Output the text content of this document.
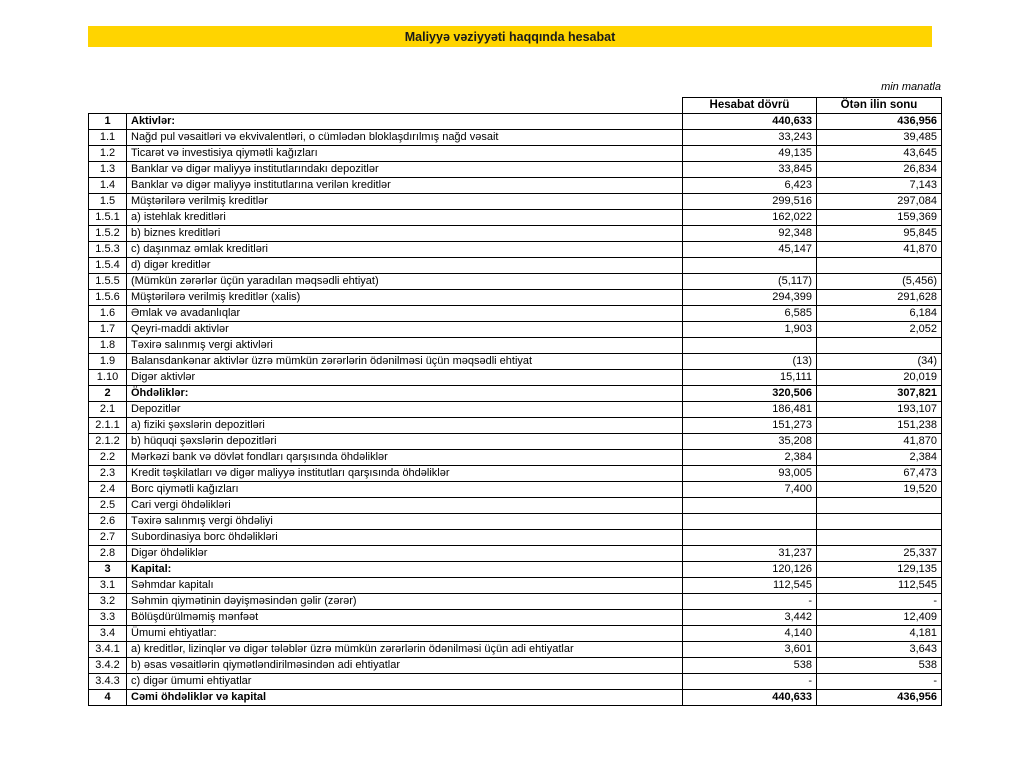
Maliyyə vəziyyəti haqqında hesabat
min manatla
		Hesabat dövrü	Ötən ilin sonu
1	Aktivlər:	440,633	436,956
1.1	Nağd pul vəsaitləri və ekvivalentləri, o cümlədən bloklaşdırılmış nağd vəsait	33,243	39,485
1.2	Ticarət və investisiya qiymətli kağızları	49,135	43,645
1.3	Banklar və digər maliyyə institutlarındakı depozitlər	33,845	26,834
1.4	Banklar və digər maliyyə institutlarına verilən kreditlər	6,423	7,143
1.5	Müştərilərə verilmiş kreditlər	299,516	297,084
1.5.1	a) istehlak kreditləri	162,022	159,369
1.5.2	b) biznes kreditləri	92,348	95,845
1.5.3	c) daşınmaz əmlak kreditləri	45,147	41,870
1.5.4	d) digər kreditlər		
1.5.5	(Mümkün zərərlər üçün yaradılan məqsədli ehtiyat)	(5,117)	(5,456)
1.5.6	Müştərilərə verilmiş kreditlər (xalis)	294,399	291,628
1.6	Əmlak və avadanlıqlar	6,585	6,184
1.7	Qeyri-maddi aktivlər	1,903	2,052
1.8	Təxirə salınmış vergi aktivləri		
1.9	Balansdankənar aktivlər üzrə mümkün zərərlərin ödənilməsi üçün məqsədli ehtiyat	(13)	(34)
1.10	Digər aktivlər	15,111	20,019
2	Öhdəliklər:	320,506	307,821
2.1	Depozitlər	186,481	193,107
2.1.1	a) fiziki şəxslərin depozitləri	151,273	151,238
2.1.2	b) hüquqi şəxslərin depozitləri	35,208	41,870
2.2	Mərkəzi bank və dövlət fondları qarşısında öhdəliklər	2,384	2,384
2.3	Kredit təşkilatları və digər maliyyə institutları qarşısında öhdəliklər	93,005	67,473
2.4	Borc qiymətli kağızları	7,400	19,520
2.5	Cari vergi öhdəlikləri		
2.6	Təxirə salınmış vergi öhdəliyi		
2.7	Subordinasiya borc öhdəlikləri		
2.8	Digər öhdəliklər	31,237	25,337
3	Kapital:	120,126	129,135
3.1	Səhmdar kapitalı	112,545	112,545
3.2	Səhmin qiymətinin dəyişməsindən gəlir (zərər)	-	-
3.3	Bölüşdürülməmiş mənfəət	3,442	12,409
3.4	Ümumi ehtiyatlar:	4,140	4,181
3.4.1	a) kreditlər, lizinqlər və digər tələblər üzrə mümkün zərərlərin ödənilməsi üçün adi ehtiyatlar	3,601	3,643
3.4.2	b) əsas vəsaitlərin qiymətləndirilməsindən adi ehtiyatlar	538	538
3.4.3	c) digər ümumi ehtiyatlar	-	-
4	Cəmi öhdəliklər və kapital	440,633	436,956
